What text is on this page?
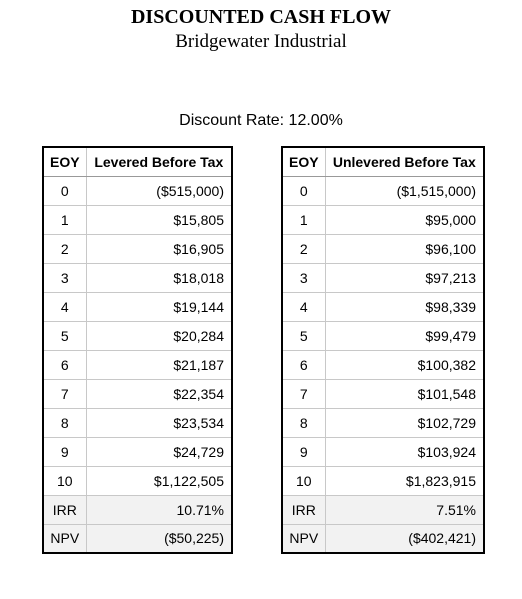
DISCOUNTED CASH FLOW
Bridgewater Industrial
Discount Rate: 12.00%
EOY	Levered Before Tax
0	($515,000)
1	$15,805
2	$16,905
3	$18,018
4	$19,144
5	$20,284
6	$21,187
7	$22,354
8	$23,534
9	$24,729
10	$1,122,505
IRR	10.71%
NPV	($50,225)
EOY	Unlevered Before Tax
0	($1,515,000)
1	$95,000
2	$96,100
3	$97,213
4	$98,339
5	$99,479
6	$100,382
7	$101,548
8	$102,729
9	$103,924
10	$1,823,915
IRR	7.51%
NPV	($402,421)
